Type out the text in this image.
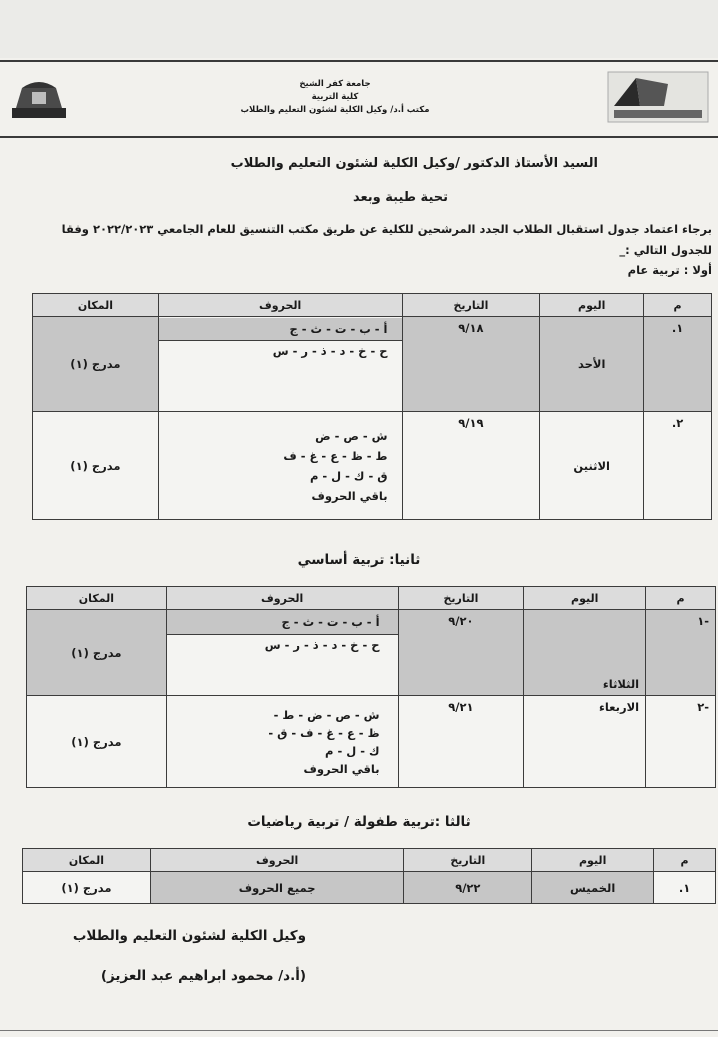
جامعة كفر الشيخ
كلية التربية
مكتب أ.د/ وكيل الكلية لشئون التعليم والطلاب
السيد الأستاذ الدكتور /وكيل الكلية لشئون التعليم والطلاب
تحية طيبة وبعد
برجاء اعتماد جدول استقبال الطلاب الجدد المرشحين للكلية عن طريق مكتب التنسيق للعام الجامعي ٢٠٢٢/٢٠٢٣ وفقا
للجدول التالي :_
أولا : تربية عام
م	اليوم	التاريخ	الحروف	المكان
١.	الأحد	٩/١٨	أ - ب - ت - ث - ج
ح - خ - د - ذ - ر - س	مدرج (١)
٢.	الاثنين	٩/١٩	ش - ص - ض
ط - ظ - ع - غ - ف
ق - ك - ل - م
باقي الحروف	مدرج (١)
ثانيا: تربية أساسي
م	اليوم	التاريخ	الحروف	المكان
-١	الثلاثاء	٩/٢٠	أ - ب - ت - ث - ج
ح - خ - د - ذ - ر - س	مدرج (١)
-٢	الاربعاء	٩/٢١	ش - ص - ض - ط -
ظ - ع - غ - ف - ق -
ك - ل - م
باقي الحروف	مدرج (١)
ثالثا :تربية طفولة / تربية رياضيات
م	اليوم	التاريخ	الحروف	المكان
١.	الخميس	٩/٢٢	جميع الحروف	مدرج (١)
وكيل الكلية لشئون التعليم والطلاب
(أ.د/ محمود ابراهيم عبد العزيز)
